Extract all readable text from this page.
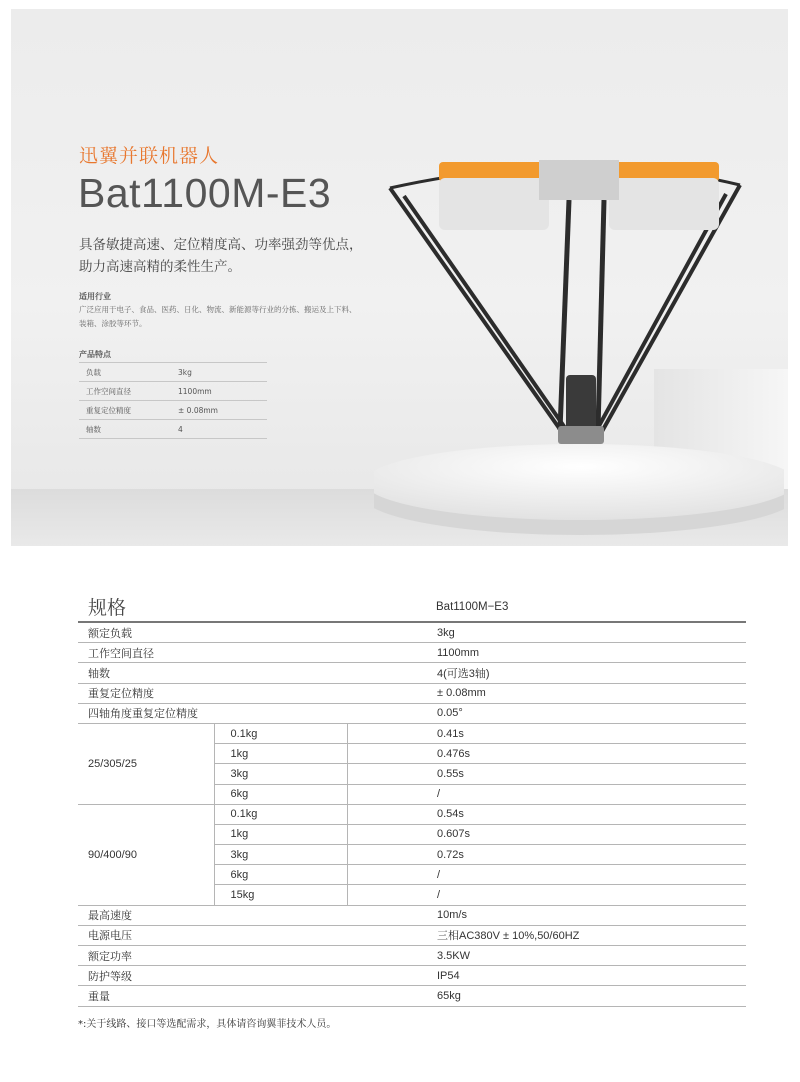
迅翼并联机器人
Bat1100M-E3
具备敏捷高速、定位精度高、功率强劲等优点，
助力高速高精的柔性生产。
适用行业
广泛应用于电子、食品、医药、日化、物流、新能源等行业的分拣、搬运及上下料、装箱、涂胶等环节。
产品特点
负载	3kg
工作空间直径	1100mm
重复定位精度	± 0.08mm
轴数	4
规格	Bat1100M−E3
额定负载			3kg
工作空间直径			1100mm
轴数			4(可选3轴)
重复定位精度			± 0.08mm
四轴角度重复定位精度			0.05°
25/305/25	0.1kg		0.41s
	1kg		0.476s
	3kg		0.55s
	6kg		/
90/400/90	0.1kg		0.54s
	1kg		0.607s
	3kg		0.72s
	6kg		/
	15kg		/
最高速度			10m/s
电源电压			三相AC380V ± 10%,50/60HZ
额定功率			3.5KW
防护等级			IP54
重量			65kg
*:关于线路、接口等选配需求，具体请咨询翼菲技术人员。
